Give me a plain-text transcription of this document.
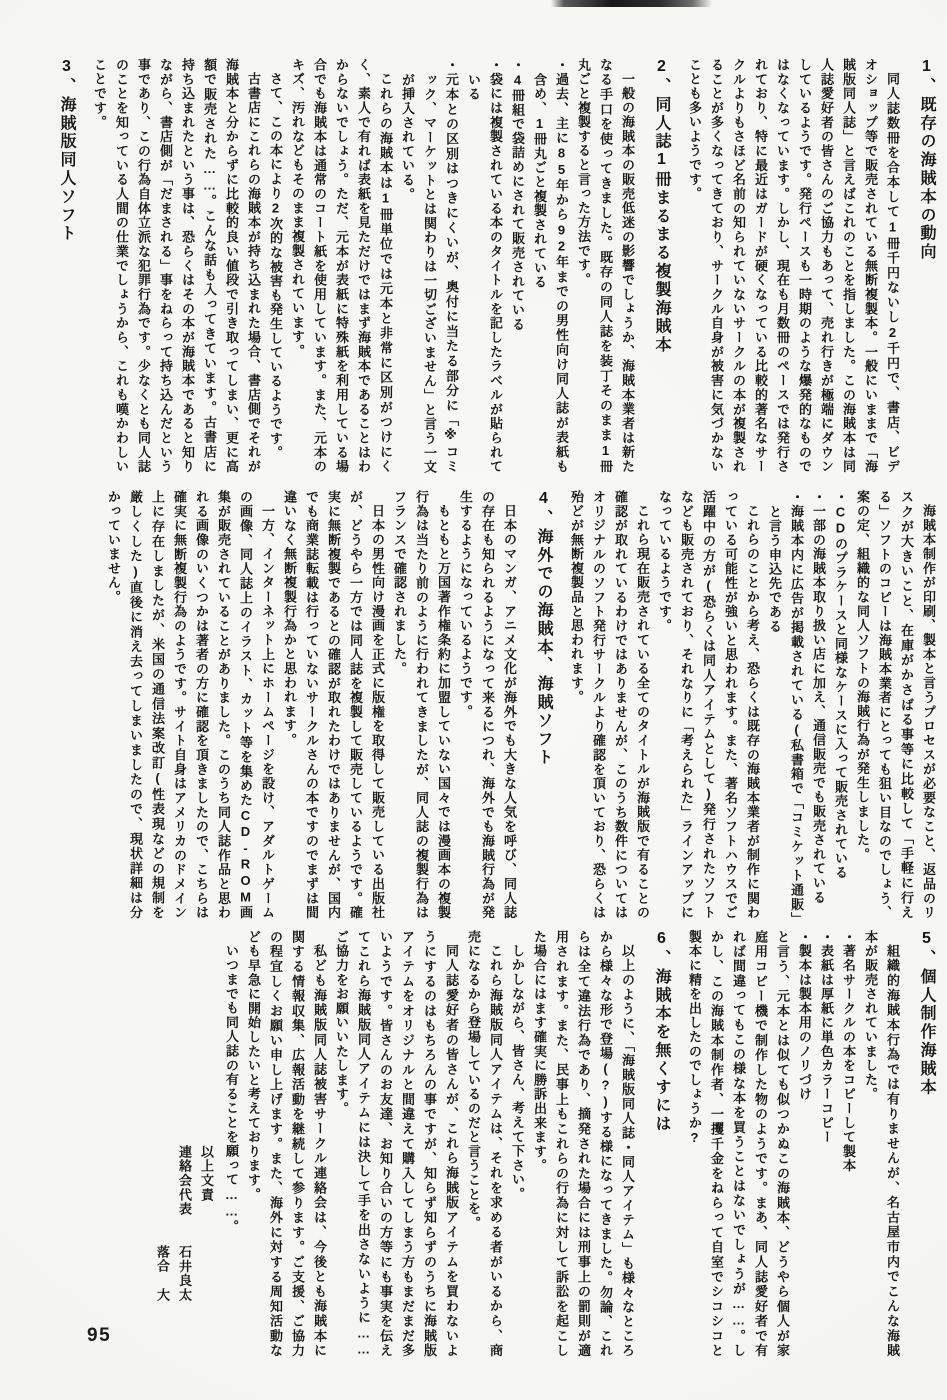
1、既存の海賊本の動向
同人誌数冊を合本して1冊千円ないし2千円で、書店、ビデオショップ等で販売されている無断複製本。一般にいままで「海賊版同人誌」と言えばこれのことを指しました。この海賊本は同人誌愛好者の皆さんのご協力もあって、売れ行きが極端にダウンしているようです。発行ペースも一時期のような爆発的なものではなくなっています。しかし、現在も月数冊のペースでは発行されており、特に最近はガードが硬くなっている比較的著名なサークルよりもさほど名前の知られていないサークルの本が複製されることが多くなってきており、サークル自身が被害に気づかないことも多いようです。
2、同人誌1冊まるまる複製海賊本
一般の海賊本の販売低迷の影響でしょうか、海賊本業者は新たなる手口を使ってきました。既存の同人誌を装丁そのまま1冊丸ごと複製すると言った方法です。
・過去、主に85年から92年までの男性向け同人誌が表紙も含め、1冊丸ごと複製されている
・4冊組で袋詰めにされて販売されている
・袋には複製されている本のタイトルを記したラベルが貼られている
・元本との区別はつきにくいが、奥付に当たる部分に「※コミック、マーケットとは関わりは一切ございません」と言う一文が挿入されている。
これらの海賊本は1冊単位では元本と非常に区別がつけにくく、素人で有れば表紙を見ただけではまず海賊本であることはわからないでしょう。ただ、元本が表紙に特殊紙を利用している場合でも海賊本は通常のコート紙を使用しています。また、元本のキズ、汚れなどもそのまま複製されています。
さて、この本により2次的な被害も発生しているようです。
古書店にこれらの海賊本が持ち込まれた場合、書店側でそれが海賊本と分からずに比較的良い値段で引き取ってしまい、更に高額で販売された……。こんな話も入ってきています。古書店に持ち込まれたという事は、恐らくはその本が海賊本であると知りながら、書店側が「だまされる」事をねらって持ち込んだという事であり、この行為自体立派な犯罪行為です。少なくとも同人誌のことを知っている人間の仕業でしょうから、これも嘆かわしいことです。
3、海賊版同人ソフト
海賊本制作が印刷、製本と言うプロセスが必要なこと、返品のリスクが大きいこと、在庫がかさばる事等に比較して「手軽に行える」ソフトのコピーは海賊本業者にとっても狙い目なのでしょう、案の定、組織的な同人ソフトの海賊行為が発生しました。
・CDのプラケースと同様なケースに入って販売されている
・一部の海賊本取り扱い店に加え、通信販売でも販売されている
・海賊本内に広告が掲載されている(私書箱で「コミケット通販」と言う申込先である
これらのことから考え、恐らくは既存の海賊本業者が制作に関わっている可能性が強いと思われます。また、著名ソフトハウスでご活躍中の方が(恐らくは同人アイテムとして)発行されたソフトなども販売されており、それなりに「考えられた」ラインアップになっているようです。
これら現在販売されている全てのタイトルが海賊版で有ることの確認が取れているわけではありませんが、このうち数件についてはオリジナルのソフト発行サークルより確認を頂いており、恐らくは殆どが無断複製品と思われます。
4、海外での海賊本、海賊ソフト
日本のマンガ、アニメ文化が海外でも大きな人気を呼び、同人誌の存在も知られるようになって来るにつれ、海外でも海賊行為が発生するようになっているようです。
もともと万国著作権条約に加盟していない国々では漫画本の複製行為は当たり前のように行われてきましたが、同人誌の複製行為はフランスで確認されました。
日本の男性向け漫画を正式に版権を取得して販売している出版社が、どうやら一方では同人誌を複製して販売しているようです。確実に無断複製であるとの確認が取れたわけではありませんが、国内でも商業誌転載は行っていないサークルさんの本ですのでまずは間違いなく無断複製行為かと思われます。
一方、インターネット上にホームページを設け、アダルトゲームの画像、同人誌上のイラスト、カット等を集めたCD-ROM画集が販売されていることがありました。このうち同人誌作品と思われる画像のいくつかは著者の方に確認を頂きましたので、こちらは確実に無断複製行為のようです。サイト自身はアメリカのドメイン上に存在しましたが、米国の通信法案改訂(性表現などの規制を厳しくした)直後に消え去ってしまいましたので、現状詳細は分かっていません。
5、個人制作海賊本
組織的海賊本行為では有りませんが、名古屋市内でこんな海賊本が販売されていました。
・著名サークルの本をコピーして製本
・表紙は厚紙に単色カラーコピー
・製本は製本用のノリづけ
と言う、元本とは似ても似つかぬこの海賊本、どうやら個人が家庭用コピー機で制作した物のようです。まあ、同人誌愛好者で有れば間違ってもこの様な本を買うことはないでしょうが……。しかし、この海賊本制作者、一攫千金をねらって自室でシコシコと製本に精を出したのでしょうか?
6、海賊本を無くすには
以上のように、「海賊版同人誌・同人アイテム」も様々なところから様々な形で登場(?)する様になってきました。勿論、これらは全て違法行為であり、摘発された場合には刑事上の罰則が適用されます。また、民事上もこれらの行為に対して訴訟を起こした場合にはます確実に勝訴出来ます。
しかしながら、皆さん、考えて下さい。
これら海賊版同人アイテムは、それを求める者がいるから、商売になるから登場しているのだと言うことを。
同人誌愛好者の皆さんが、これら海賊版アイテムを買わないようにするのはもちろんの事ですが、知らず知らずのうちに海賊版アイテムをオリジナルと間違えて購入してしまう方もまだまだ多いようです。皆さんのお友達、お知り合いの方等にも事実を伝えてこれら海賊版同人アイテムには決して手を出さないように……ご協力をお願いいたします。
私ども海賊版同人誌被害サークル連絡会は、今後とも海賊本に関する情報収集、広報活動を継続して参ります。ご支援、ご協力の程宜しくお願い申し上げます。また、海外に対する周知活動なども早急に開始したいと考えております。
いつまでも同人誌の有ることを願って……。
以上文責
連絡会代表　　石井良太
落合　大
95
